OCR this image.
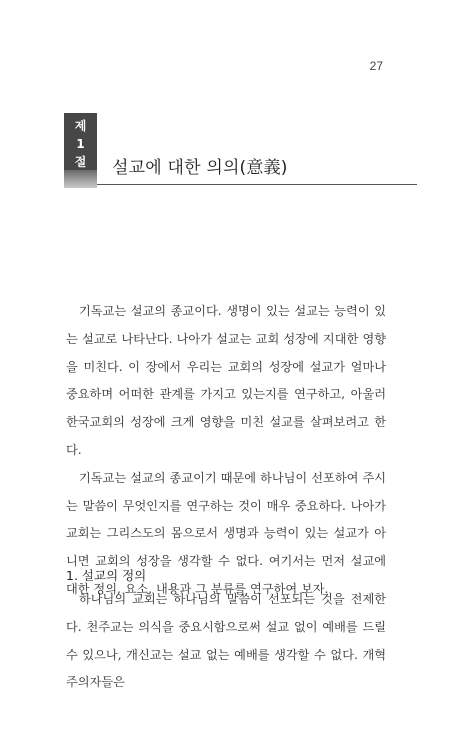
27
제
1
절 설교에 대한 의의(意義)

기독교는 설교의 종교이다. 생명이 있는 설교는 능력이 있는 설교로 나타난다. 나아가 설교는 교회 성장에 지대한 영향을 미친다. 이 장에서 우리는 교회의 성장에 설교가 얼마나 중요하며 어떠한 관계를 가지고 있는지를 연구하고, 아울러 한국교회의 성장에 크게 영향을 미친 설교를 살펴보려고 한다.

기독교는 설교의 종교이기 때문에 하나님이 선포하여 주시는 말씀이 무엇인지를 연구하는 것이 매우 중요하다. 나아가 교회는 그리스도의 몸으로서 생명과 능력이 있는 설교가 아니면 교회의 성장을 생각할 수 없다. 여기서는 먼저 설교에 대한 정의, 요소, 내용과 그 분류를 연구하여 보자.

1. 설교의 정의

하나님의 교회는 하나님의 말씀이 선포되는 것을 전제한다. 천주교는 의식을 중요시함으로써 설교 없이 예배를 드릴 수 있으나, 개신교는 설교 없는 예배를 생각할 수 없다. 개혁주의자들은
